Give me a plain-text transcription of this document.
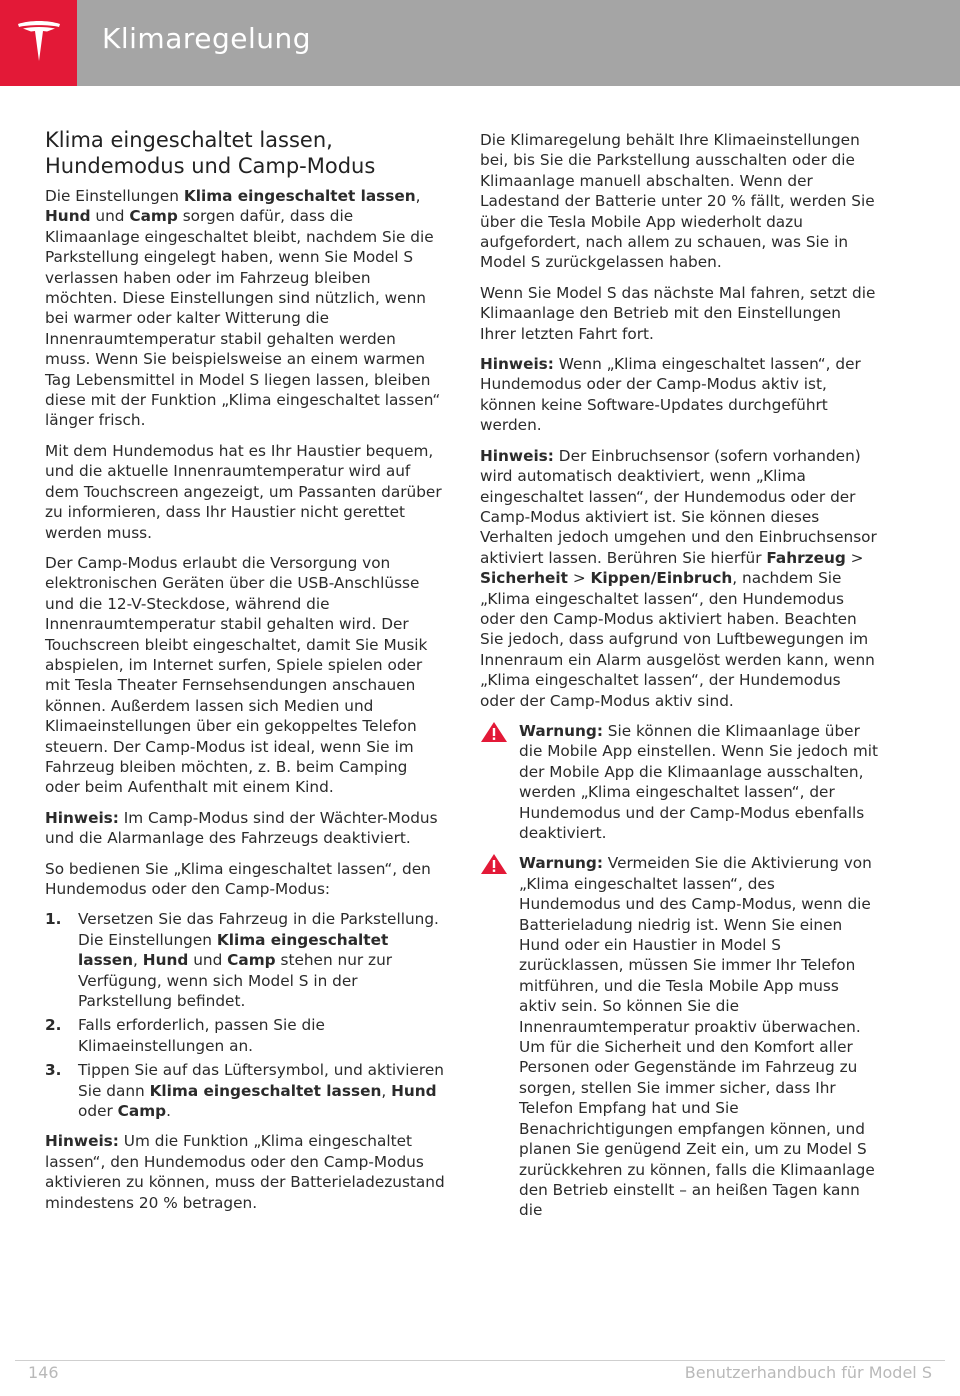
Klimaregelung
Klima eingeschaltet lassen,
Hundemodus und Camp-Modus

Die Einstellungen Klima eingeschaltet lassen, Hund und Camp sorgen dafür, dass die Klimaanlage eingeschaltet bleibt, nachdem Sie die Parkstellung eingelegt haben, wenn Sie Model S verlassen haben oder im Fahrzeug bleiben möchten. Diese Einstellungen sind nützlich, wenn bei warmer oder kalter Witterung die Innenraumtemperatur stabil gehalten werden muss. Wenn Sie beispielsweise an einem warmen Tag Lebensmittel in Model S liegen lassen, bleiben diese mit der Funktion „Klima eingeschaltet lassen“ länger frisch.

Mit dem Hundemodus hat es Ihr Haustier bequem, und die aktuelle Innenraumtemperatur wird auf dem Touchscreen angezeigt, um Passanten darüber zu informieren, dass Ihr Haustier nicht gerettet werden muss.

Der Camp-Modus erlaubt die Versorgung von elektronischen Geräten über die USB-Anschlüsse und die 12-V-Steckdose, während die Innenraumtemperatur stabil gehalten wird. Der Touchscreen bleibt eingeschaltet, damit Sie Musik abspielen, im Internet surfen, Spiele spielen oder mit Tesla Theater Fernsehsendungen anschauen können. Außerdem lassen sich Medien und Klimaeinstellungen über ein gekoppeltes Telefon steuern. Der Camp-Modus ist ideal, wenn Sie im Fahrzeug bleiben möchten, z. B. beim Camping oder beim Aufenthalt mit einem Kind.

Hinweis: Im Camp-Modus sind der Wächter-Modus und die Alarmanlage des Fahrzeugs deaktiviert.

So bedienen Sie „Klima eingeschaltet lassen“, den Hundemodus oder den Camp-Modus:

1. Versetzen Sie das Fahrzeug in die Parkstellung. Die Einstellungen Klima eingeschaltet lassen, Hund und Camp stehen nur zur Verfügung, wenn sich Model S in der Parkstellung befindet.
2. Falls erforderlich, passen Sie die Klimaeinstellungen an.
3. Tippen Sie auf das Lüftersymbol, und aktivieren Sie dann Klima eingeschaltet lassen, Hund oder Camp.

Hinweis: Um die Funktion „Klima eingeschaltet lassen“, den Hundemodus oder den Camp-Modus aktivieren zu können, muss der Batterieladezustand mindestens 20 % betragen.

Die Klimaregelung behält Ihre Klimaeinstellungen bei, bis Sie die Parkstellung ausschalten oder die Klimaanlage manuell abschalten. Wenn der Ladestand der Batterie unter 20 % fällt, werden Sie über die Tesla Mobile App wiederholt dazu aufgefordert, nach allem zu schauen, was Sie in Model S zurückgelassen haben.

Wenn Sie Model S das nächste Mal fahren, setzt die Klimaanlage den Betrieb mit den Einstellungen Ihrer letzten Fahrt fort.

Hinweis: Wenn „Klima eingeschaltet lassen“, der Hundemodus oder der Camp-Modus aktiv ist, können keine Software-Updates durchgeführt werden.

Hinweis: Der Einbruchsensor (sofern vorhanden) wird automatisch deaktiviert, wenn „Klima eingeschaltet lassen“, der Hundemodus oder der Camp-Modus aktiviert ist. Sie können dieses Verhalten jedoch umgehen und den Einbruchsensor aktiviert lassen. Berühren Sie hierfür Fahrzeug > Sicherheit > Kippen/Einbruch, nachdem Sie „Klima eingeschaltet lassen“, den Hundemodus oder den Camp-Modus aktiviert haben. Beachten Sie jedoch, dass aufgrund von Luftbewegungen im Innenraum ein Alarm ausgelöst werden kann, wenn „Klima eingeschaltet lassen“, der Hundemodus oder der Camp-Modus aktiv sind.

Warnung: Sie können die Klimaanlage über die Mobile App einstellen. Wenn Sie jedoch mit der Mobile App die Klimaanlage ausschalten, werden „Klima eingeschaltet lassen“, der Hundemodus und der Camp-Modus ebenfalls deaktiviert.
Warnung: Vermeiden Sie die Aktivierung von „Klima eingeschaltet lassen“, des Hundemodus und des Camp-Modus, wenn die Batterieladung niedrig ist. Wenn Sie einen Hund oder ein Haustier in Model S zurücklassen, müssen Sie immer Ihr Telefon mitführen, und die Tesla Mobile App muss aktiv sein. So können Sie die Innenraumtemperatur proaktiv überwachen. Um für die Sicherheit und den Komfort aller Personen oder Gegenstände im Fahrzeug zu sorgen, stellen Sie immer sicher, dass Ihr Telefon Empfang hat und Sie Benachrichtigungen empfangen können, und planen Sie genügend Zeit ein, um zu Model S zurückkehren zu können, falls die Klimaanlage den Betrieb einstellt – an heißen Tagen kann die
146	Benutzerhandbuch für Model S
